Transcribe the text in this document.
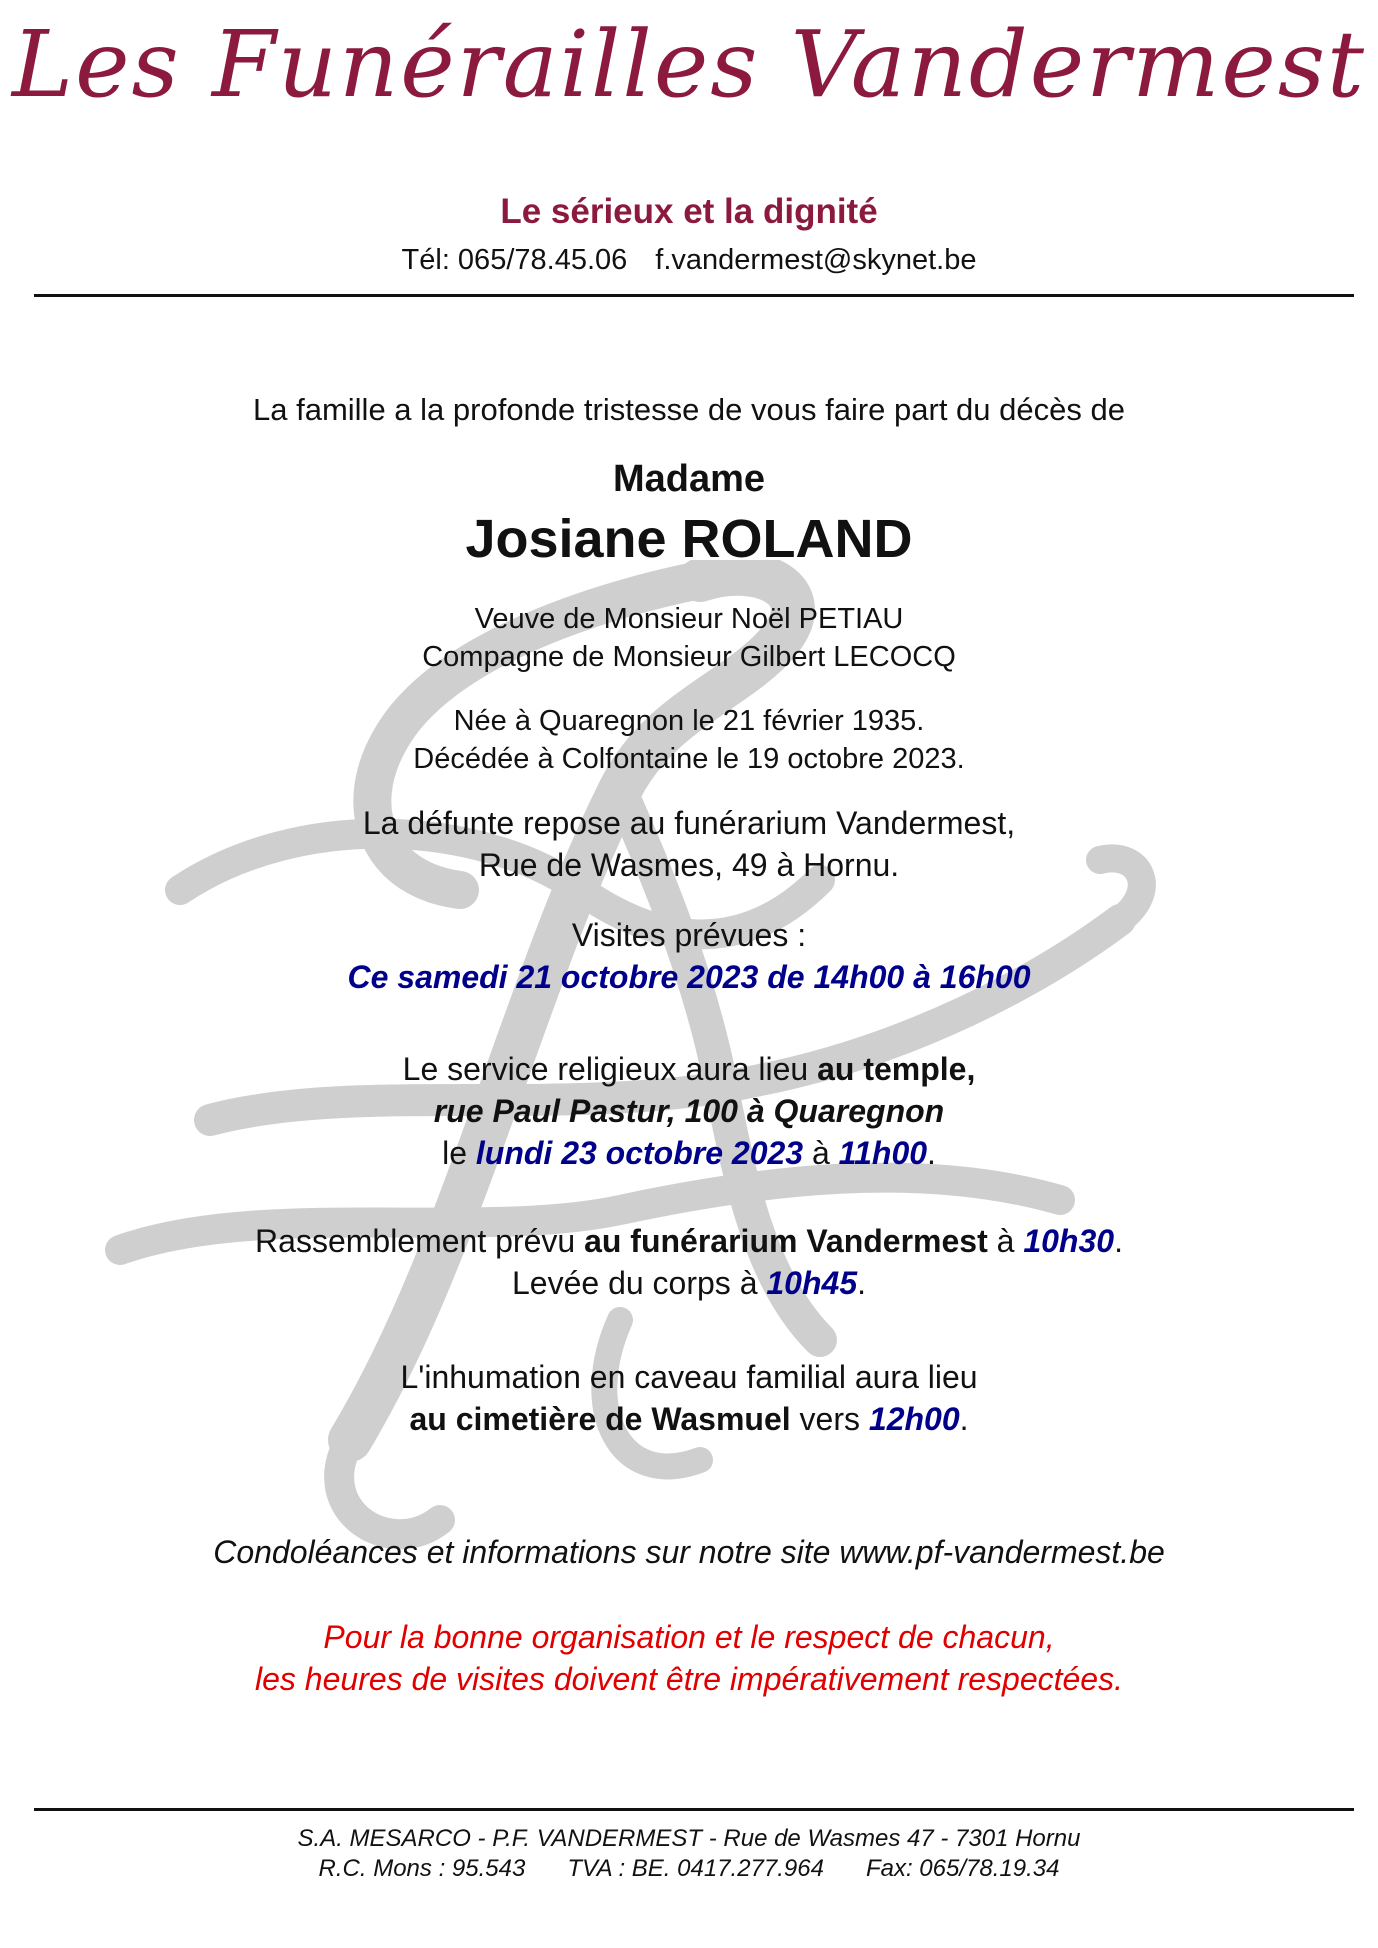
Les Funérailles Vandermest
Le sérieux et la dignité
Tél: 065/78.45.06 f.vandermest@skynet.be
La famille a la profonde tristesse de vous faire part du décès de
Madame
Josiane ROLAND
Veuve de Monsieur Noël PETIAU
Compagne de Monsieur Gilbert LECOCQ
Née à Quaregnon le 21 février 1935.
Décédée à Colfontaine le 19 octobre 2023.
La défunte repose au funérarium Vandermest,
Rue de Wasmes, 49 à Hornu.
Visites prévues :
Ce samedi 21 octobre 2023 de 14h00 à 16h00
Le service religieux aura lieu au temple,
rue Paul Pastur, 100 à Quaregnon
le lundi 23 octobre 2023 à 11h00.
Rassemblement prévu au funérarium Vandermest à 10h30.
Levée du corps à 10h45.
L'inhumation en caveau familial aura lieu
au cimetière de Wasmuel vers 12h00.
Condoléances et informations sur notre site www.pf-vandermest.be
Pour la bonne organisation et le respect de chacun,
les heures de visites doivent être impérativement respectées.
S.A. MESARCO - P.F. VANDERMEST - Rue de Wasmes 47 - 7301 Hornu
R.C. Mons : 95.543 TVA : BE. 0417.277.964 Fax: 065/78.19.34
